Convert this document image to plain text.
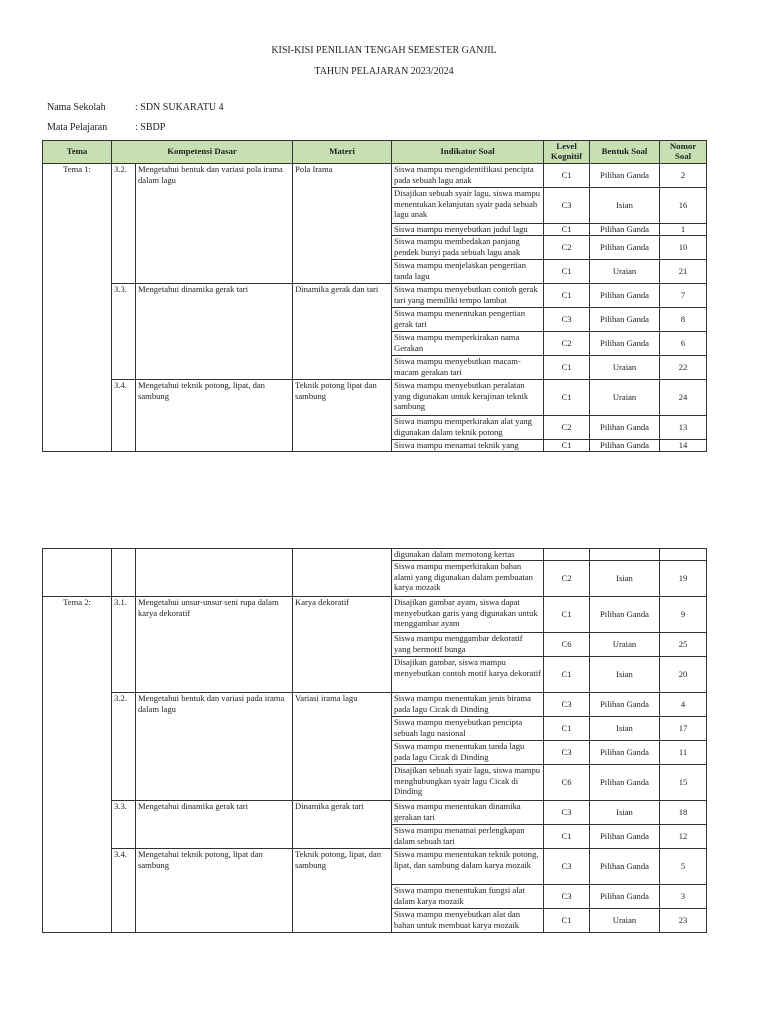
KISI-KISI PENILIAN TENGAH SEMESTER GANJIL
TAHUN PELAJARAN 2023/2024
Nama Sekolah	: SDN SUKARATU 4
Mata Pelajaran	: SBDP
Tema	Kompetensi Dasar		Materi	Indikator Soal	Level Kognitif	Bentuk Soal	Nomor Soal
Tema 1:	3.2.	Mengetahui bentuk dan variasi pola irama dalam lagu	Pola Irama	Siswa mampu mengidentifikasi pencipta pada sebuah lagu anak	C1	Pilihan Ganda	2
				Disajikan sebuah syair lagu, siswa mampu menentukan kelanjutan syair pada sebuah lagu anak	C3	Isian	16
				Siswa mampu menyebutkan judul lagu	C1	Pilihan Ganda	1
				Siswa mampu membedakan panjang pendek bunyi pada sebuah lagu anak	C2	Pilihan Ganda	10
				Siswa mampu menjelaskan pengertian tanda lagu	C1	Uraian	21
	3.3.	Mengetahui dinamika gerak tari	Dinamika gerak dan tari	Siswa mampu menyebutkan contoh gerak tari yang memiliki tempo lambat	C1	Pilihan Ganda	7
				Siswa mampu menentukan pengertian gerak tari	C3	Pilihan Ganda	8
				Siswa mampu memperkirakan nama Gerakan	C2	Pilihan Ganda	6
				Siswa mampu menyebutkan macam-macam gerakan tari	C1	Uraian	22
	3.4.	Mengetahui teknik potong, lipat, dan sambung	Teknik potong lipat dan sambung	Siswa mampu menyebutkan peralatan yang digunakan untuk kerajinan teknik sambung	C1	Uraian	24
				Siswa mampu memperkirakan alat yang digunakan dalam teknik potong	C2	Pilihan Ganda	13
				Siswa mampu menamai teknik yang	C1	Pilihan Ganda	14
				digunakan dalam memotong kertas			
				Siswa mampu memperkirakan bahan alami yang digunakan dalam pembuatan karya mozaik	C2	Isian	19
Tema 2:	3.1.	Mengetahui unsur-unsur seni rupa dalam karya dekoratif	Karya dekoratif	Disajikan gambar ayam, siswa dapat menyebutkan garis yang digunakan untuk menggambar ayam	C1	Pilihan Ganda	9
				Siswa mampu menggambar dekoratif yang bermotif bunga	C6	Uraian	25
				Disajikan gambar, siswa mampu menyebutkan contoh motif karya dekoratif	C1	Isian	20
	3.2.	Mengetahui bentuk dan variasi pada irama dalam lagu	Variasi irama lagu	Siswa mampu menentukan jenis birama pada lagu Cicak di Dinding	C3	Pilihan Ganda	4
				Siswa mampu menyebutkan pencipta sebuah lagu nasional	C1	Isian	17
				Siswa mampu menentukan tanda lagu pada lagu Cicak di Dinding	C3	Pilihan Ganda	11
				Disajikan sebuah syair lagu, siswa mampu menghubungkan syair lagu Cicak di Dinding	C6	Pilihan Ganda	15
	3.3.	Mengetahui dinamika gerak tari	Dinamika gerak tari	Siswa mampu menentukan dinamika gerakan tari	C3	Isian	18
				Siswa mampu menamai perlengkapan dalam sebuah tari	C1	Pilihan Ganda	12
	3.4.	Mengetahui teknik potong, lipat dan sambung	Teknik potong, lipat, dan sambung	Siswa mampu menentukan teknik potong, lipat, dan sambung dalam karya mozaik	C3	Pilihan Ganda	5
				Siswa mampu menentukan fungsi alat dalam karya mozaik	C3	Pilihan Ganda	3
				Siswa mampu menyebutkan alat dan bahan untuk membuat karya mozaik	C1	Uraian	23
